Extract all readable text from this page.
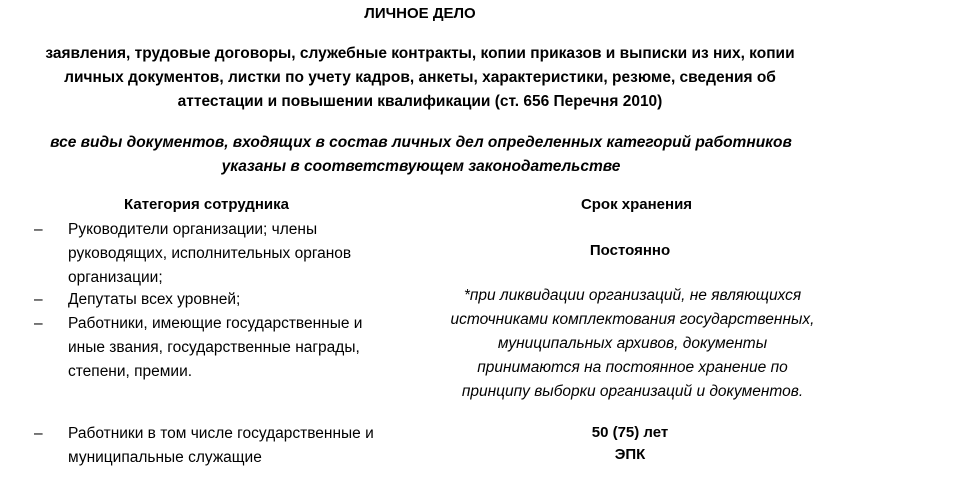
ЛИЧНОЕ ДЕЛО
заявления, трудовые договоры, служебные контракты, копии приказов и выписки из них, копии
личных документов, листки по учету кадров, анкеты, характеристики, резюме, сведения об
аттестации и повышении квалификации (ст. 656 Перечня 2010)
все виды документов, входящих в состав личных дел определенных категорий работников
указаны в соответствующем законодательстве
Категория сотрудника	Срок хранения
– Руководители организации; члены
руководящих, исполнительных органов
организации;
– Депутаты всех уровней;
– Работники, имеющие государственные и
иные звания, государственные награды,
степени, премии.
– Работники в том числе государственные и
муниципальные служащие
Постоянно
*при ликвидации организаций, не являющихся
источниками комплектования государственных,
муниципальных архивов, документы
принимаются на постоянное хранение по
принципу выборки организаций и документов.
50 (75) лет
ЭПК
